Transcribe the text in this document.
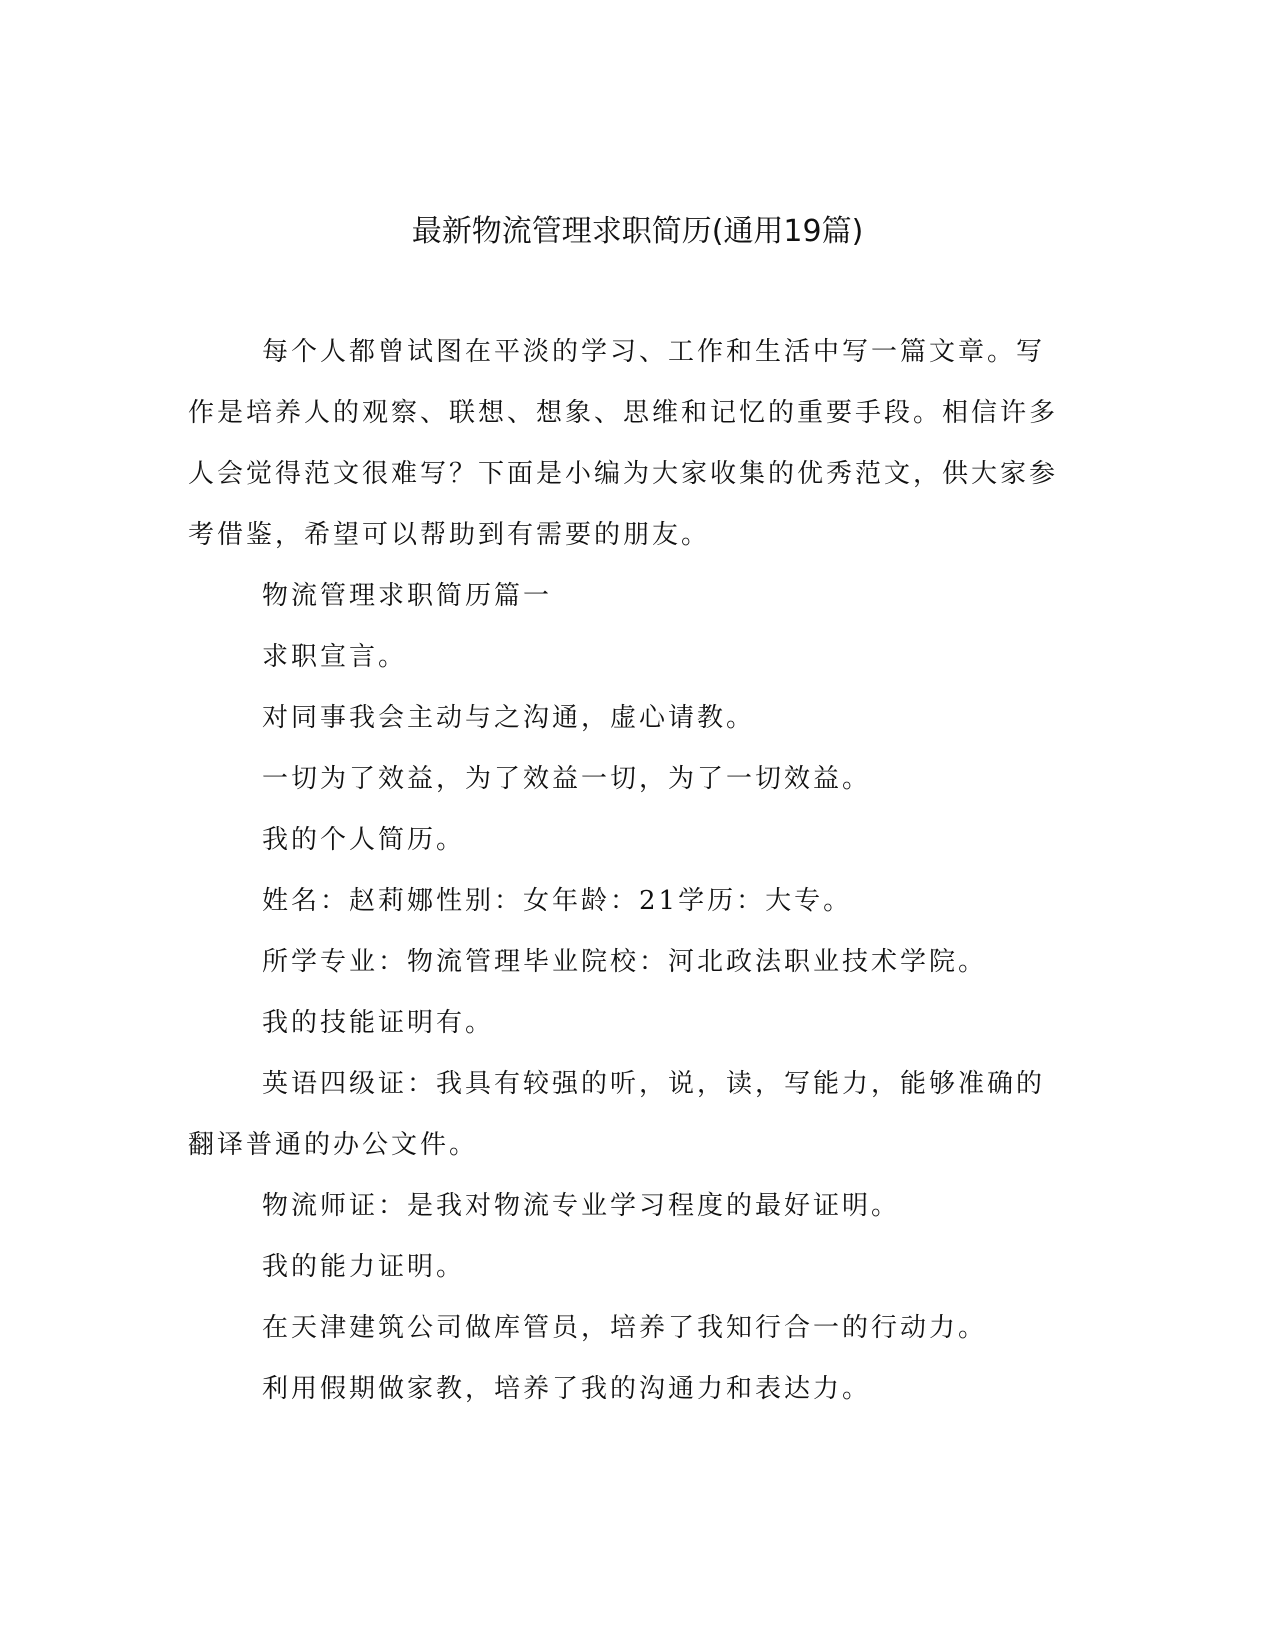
最新物流管理求职简历(通用19篇)

每个人都曾试图在平淡的学习、工作和生活中写一篇文章。写作是培养人的观察、联想、想象、思维和记忆的重要手段。相信许多人会觉得范文很难写？下面是小编为大家收集的优秀范文，供大家参考借鉴，希望可以帮助到有需要的朋友。

物流管理求职简历篇一

求职宣言。

对同事我会主动与之沟通，虚心请教。

一切为了效益，为了效益一切，为了一切效益。

我的个人简历。

姓名：赵莉娜性别：女年龄：21学历：大专。

所学专业：物流管理毕业院校：河北政法职业技术学院。

我的技能证明有。

英语四级证：我具有较强的听，说，读，写能力，能够准确的翻译普通的办公文件。

物流师证：是我对物流专业学习程度的最好证明。

我的能力证明。

在天津建筑公司做库管员，培养了我知行合一的行动力。

利用假期做家教，培养了我的沟通力和表达力。
